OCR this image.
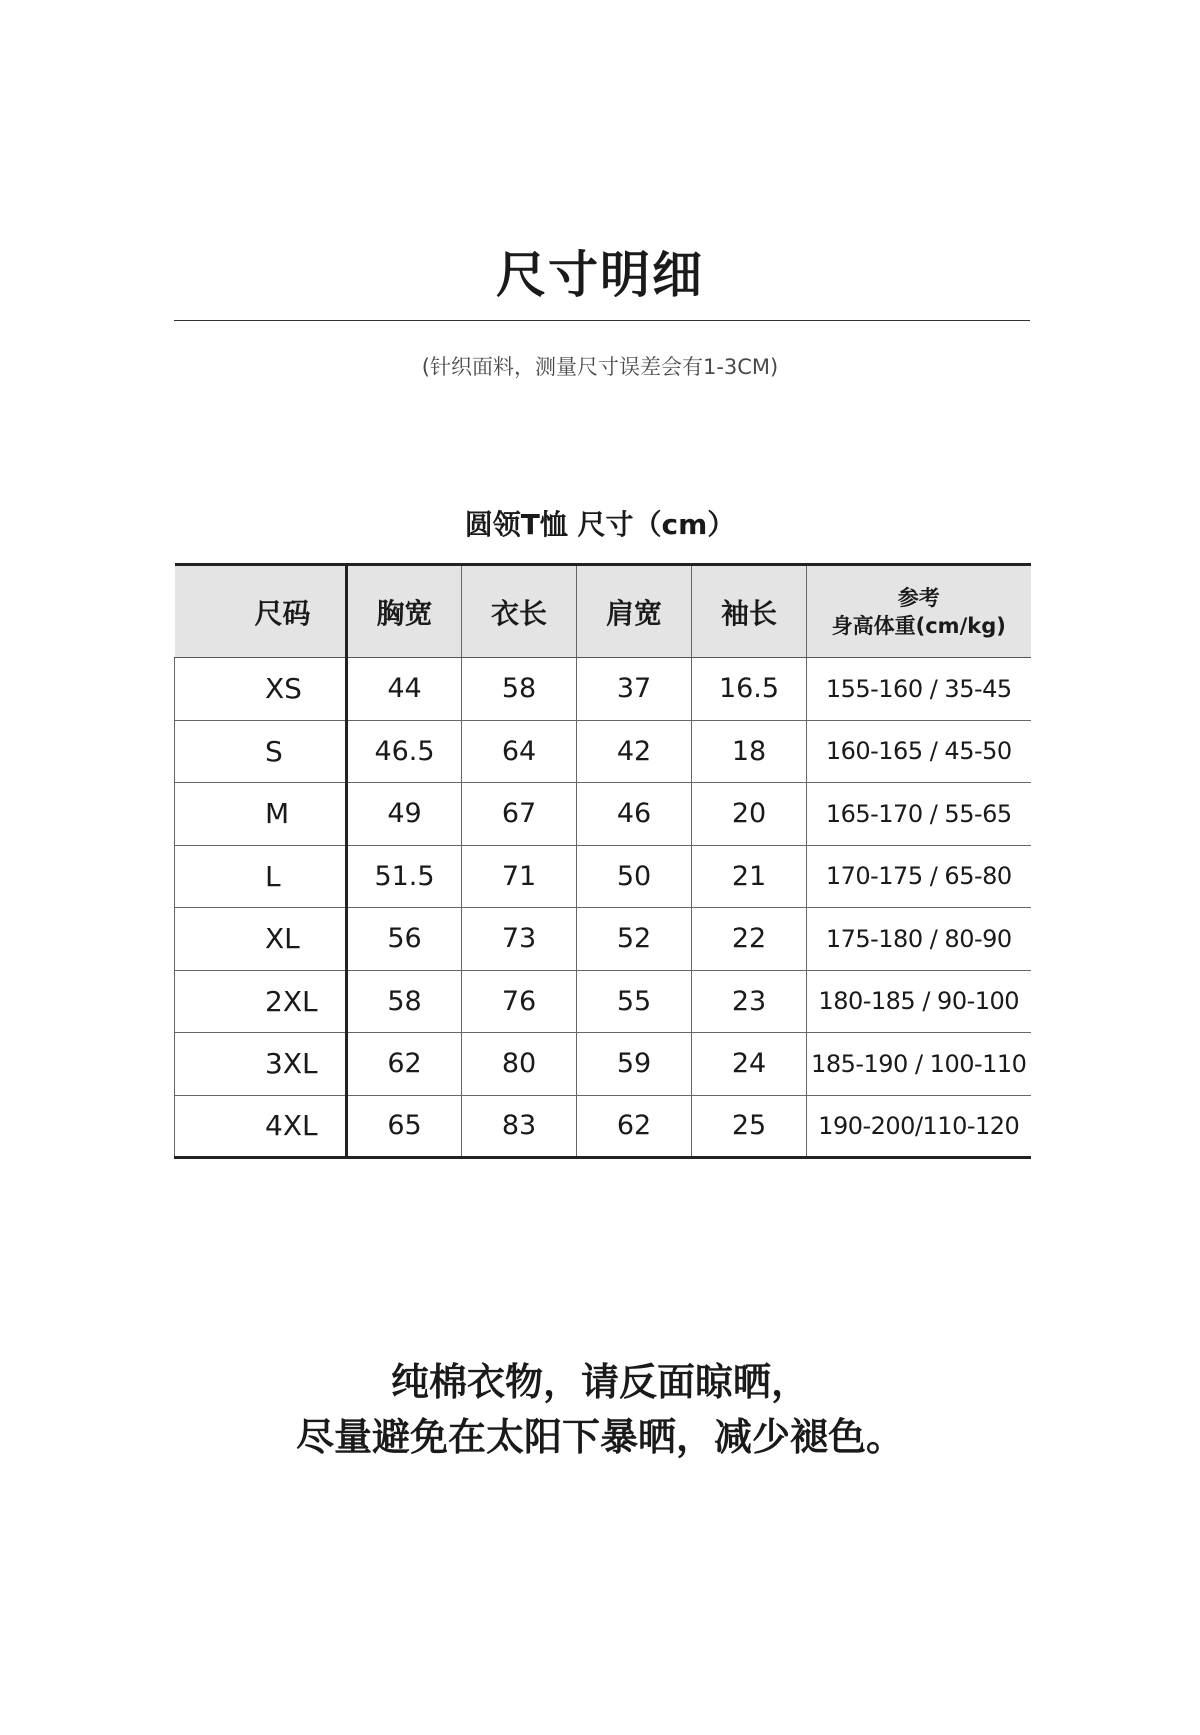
尺寸明细
(针织面料，测量尺寸误差会有1-3CM)
圆领T恤 尺寸（cm）
尺码	胸宽	衣长	肩宽	袖长	参考
身高体重(cm/kg)

XS	44	58	37	16.5	155-160 / 35-45
S	46.5	64	42	18	160-165 / 45-50
M	49	67	46	20	165-170 / 55-65
L	51.5	71	50	21	170-175 / 65-80
XL	56	73	52	22	175-180 / 80-90
2XL	58	76	55	23	180-185 / 90-100
3XL	62	80	59	24	185-190 / 100-110
4XL	65	83	62	25	190-200/110-120
纯棉衣物，请反面晾晒，
尽量避免在太阳下暴晒，减少褪色。
